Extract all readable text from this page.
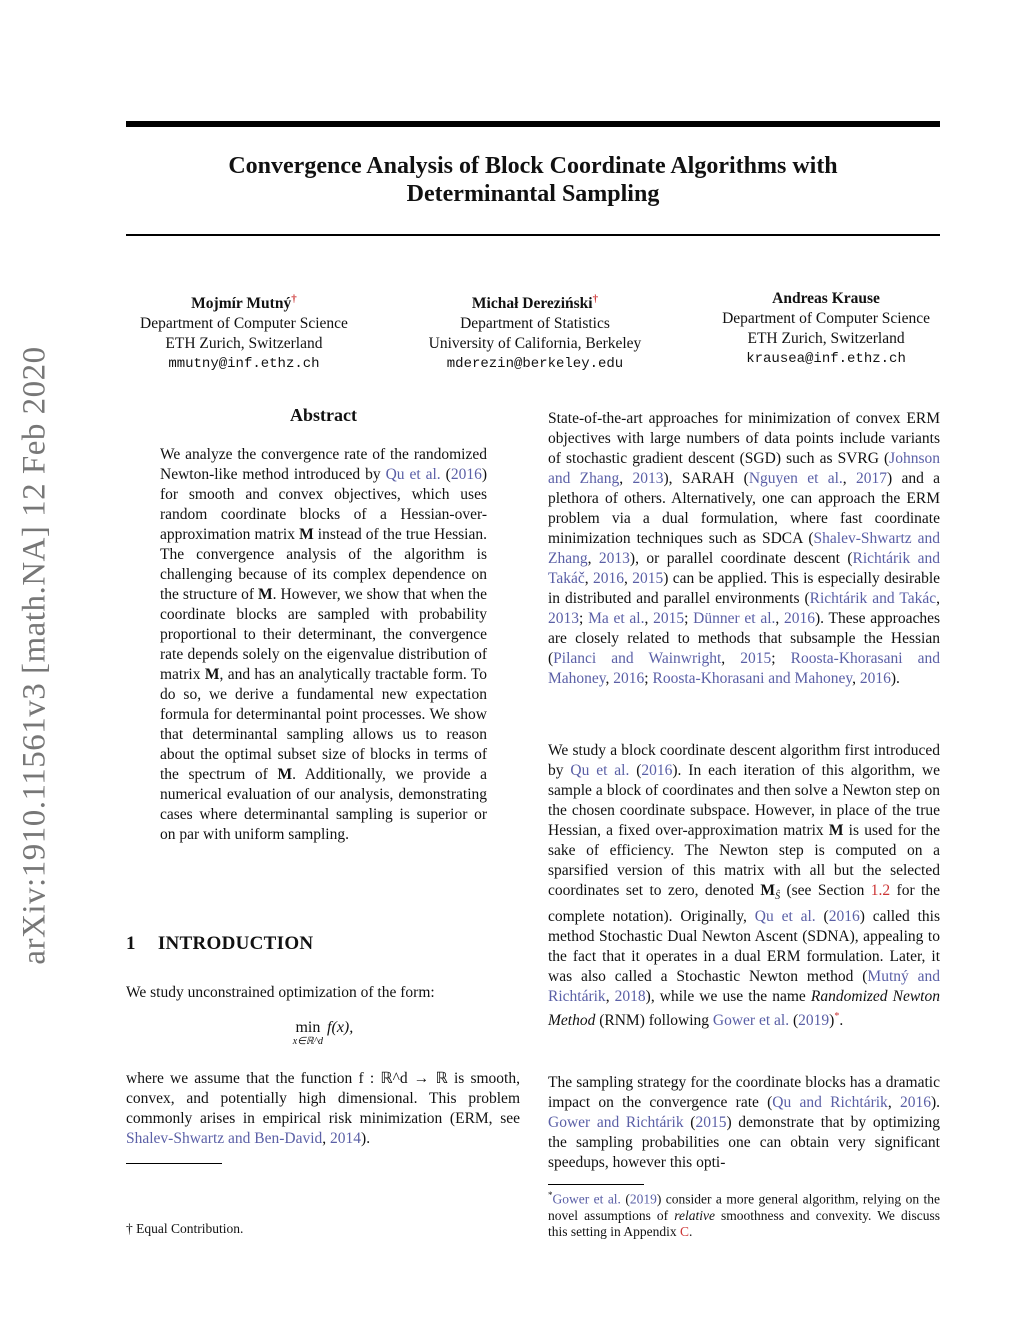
Convergence Analysis of Block Coordinate Algorithms with
Determinantal Sampling
arXiv:1910.11561v3 [math.NA] 12 Feb 2020
Mojmír Mutný†
Department of Computer Science
ETH Zurich, Switzerland
mmutny@inf.ethz.ch
Michał Dereziński†
Department of Statistics
University of California, Berkeley
mderezin@berkeley.edu
Andreas Krause
Department of Computer Science
ETH Zurich, Switzerland
krausea@inf.ethz.ch
Abstract

We analyze the convergence rate of the randomized Newton-like method introduced by Qu et al. (2016) for smooth and convex objectives, which uses random coordinate blocks of a Hessian-over-approximation matrix M instead of the true Hessian. The convergence analysis of the algorithm is challenging because of its complex dependence on the structure of M. However, we show that when the coordinate blocks are sampled with probability proportional to their determinant, the convergence rate depends solely on the eigenvalue distribution of matrix M, and has an analytically tractable form. To do so, we derive a fundamental new expectation formula for determinantal point processes. We show that determinantal sampling allows us to reason about the optimal subset size of blocks in terms of the spectrum of M. Additionally, we provide a numerical evaluation of our analysis, demonstrating cases where determinantal sampling is superior or on par with uniform sampling.

1 INTRODUCTION

We study unconstrained optimization of the form:

min
x∈ℝ^d
f(x),

where we assume that the function f : ℝ^d → ℝ is smooth, convex, and potentially high dimensional. This problem commonly arises in empirical risk minimization (ERM, see Shalev-Shwartz and Ben-David, 2014).

† Equal Contribution.

State-of-the-art approaches for minimization of convex ERM objectives with large numbers of data points include variants of stochastic gradient descent (SGD) such as SVRG (Johnson and Zhang, 2013), SARAH (Nguyen et al., 2017) and a plethora of others. Alternatively, one can approach the ERM problem via a dual formulation, where fast coordinate minimization techniques such as SDCA (Shalev-Shwartz and Zhang, 2013), or parallel coordinate descent (Richtárik and Takáč, 2016, 2015) can be applied. This is especially desirable in distributed and parallel environments (Richtárik and Takác, 2013; Ma et al., 2015; Dünner et al., 2016). These approaches are closely related to methods that subsample the Hessian (Pilanci and Wainwright, 2015; Roosta-Khorasani and Mahoney, 2016; Roosta-Khorasani and Mahoney, 2016).

We study a block coordinate descent algorithm first introduced by Qu et al. (2016). In each iteration of this algorithm, we sample a block of coordinates and then solve a Newton step on the chosen coordinate subspace. However, in place of the true Hessian, a fixed over-approximation matrix M is used for the sake of efficiency. The Newton step is computed on a sparsified version of this matrix with all but the selected coordinates set to zero, denoted $M_Ŝ$ (see Section 1.2 for the complete notation). Originally, Qu et al. (2016) called this method Stochastic Dual Newton Ascent (SDNA), appealing to the fact that it operates in a dual ERM formulation. Later, it was also called a Stochastic Newton method (Mutný and Richtárik, 2018), while we use the name Randomized Newton Method (RNM) following Gower et al. (2019)*.

The sampling strategy for the coordinate blocks has a dramatic impact on the convergence rate (Qu and Richtárik, 2016). Gower and Richtárik (2015) demonstrate that by optimizing the sampling probabilities one can obtain very significant speedups, however this opti-

*Gower et al. (2019) consider a more general algorithm, relying on the novel assumptions of relative smoothness and convexity. We discuss this setting in Appendix C.
